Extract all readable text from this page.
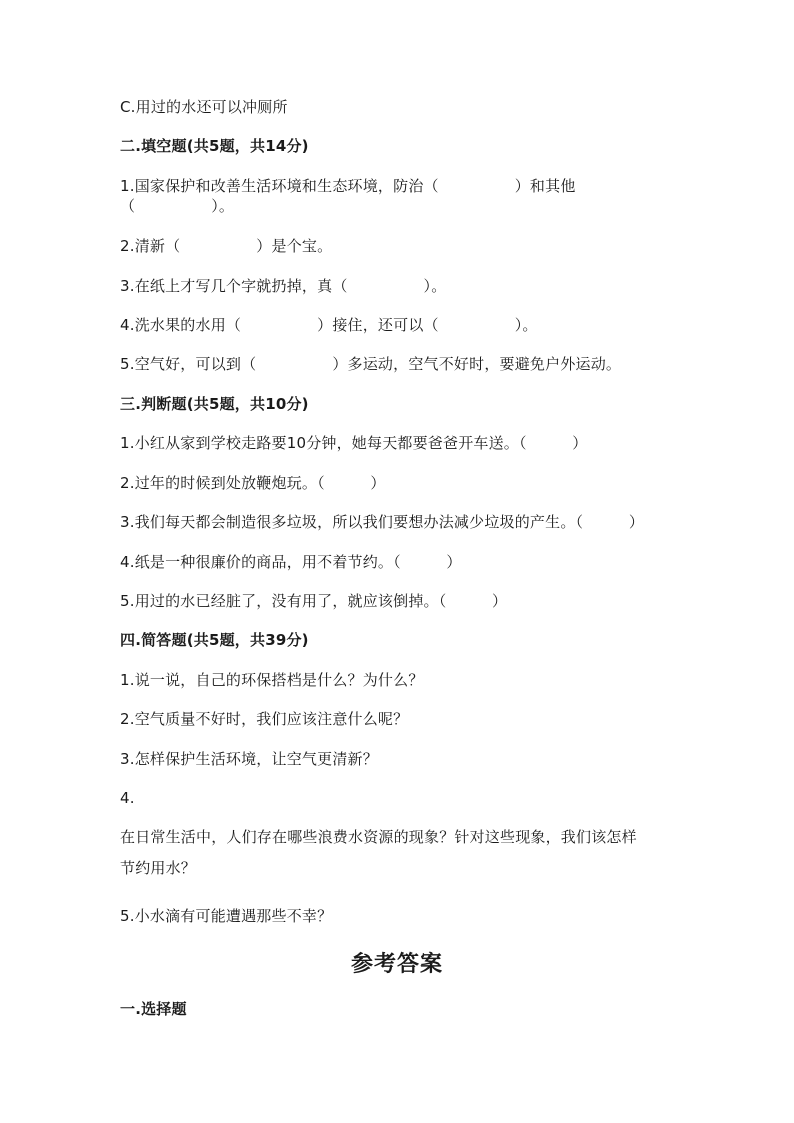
C.用过的水还可以冲厕所
二.填空题(共5题，共14分)
1.国家保护和改善生活环境和生态环境，防治（　　　　　）和其他
（　　　　　）。
2.清新（　　　　　）是个宝。
3.在纸上才写几个字就扔掉，真（　　　　　）。
4.洗水果的水用（　　　　　）接住，还可以（　　　　　）。
5.空气好，可以到（　　　　　）多运动，空气不好时，要避免户外运动。
三.判断题(共5题，共10分)
1.小红从家到学校走路要10分钟，她每天都要爸爸开车送。（　　　）
2.过年的时候到处放鞭炮玩。（　　　）
3.我们每天都会制造很多垃圾，所以我们要想办法减少垃圾的产生。（　　　）
4.纸是一种很廉价的商品，用不着节约。（　　　）
5.用过的水已经脏了，没有用了，就应该倒掉。（　　　）
四.简答题(共5题，共39分)
1.说一说，自己的环保搭档是什么？为什么？
2.空气质量不好时，我们应该注意什么呢？
3.怎样保护生活环境，让空气更清新？
4.
在日常生活中，人们存在哪些浪费水资源的现象？针对这些现象，我们该怎样
节约用水？
5.小水滴有可能遭遇那些不幸？
参考答案
一.选择题
